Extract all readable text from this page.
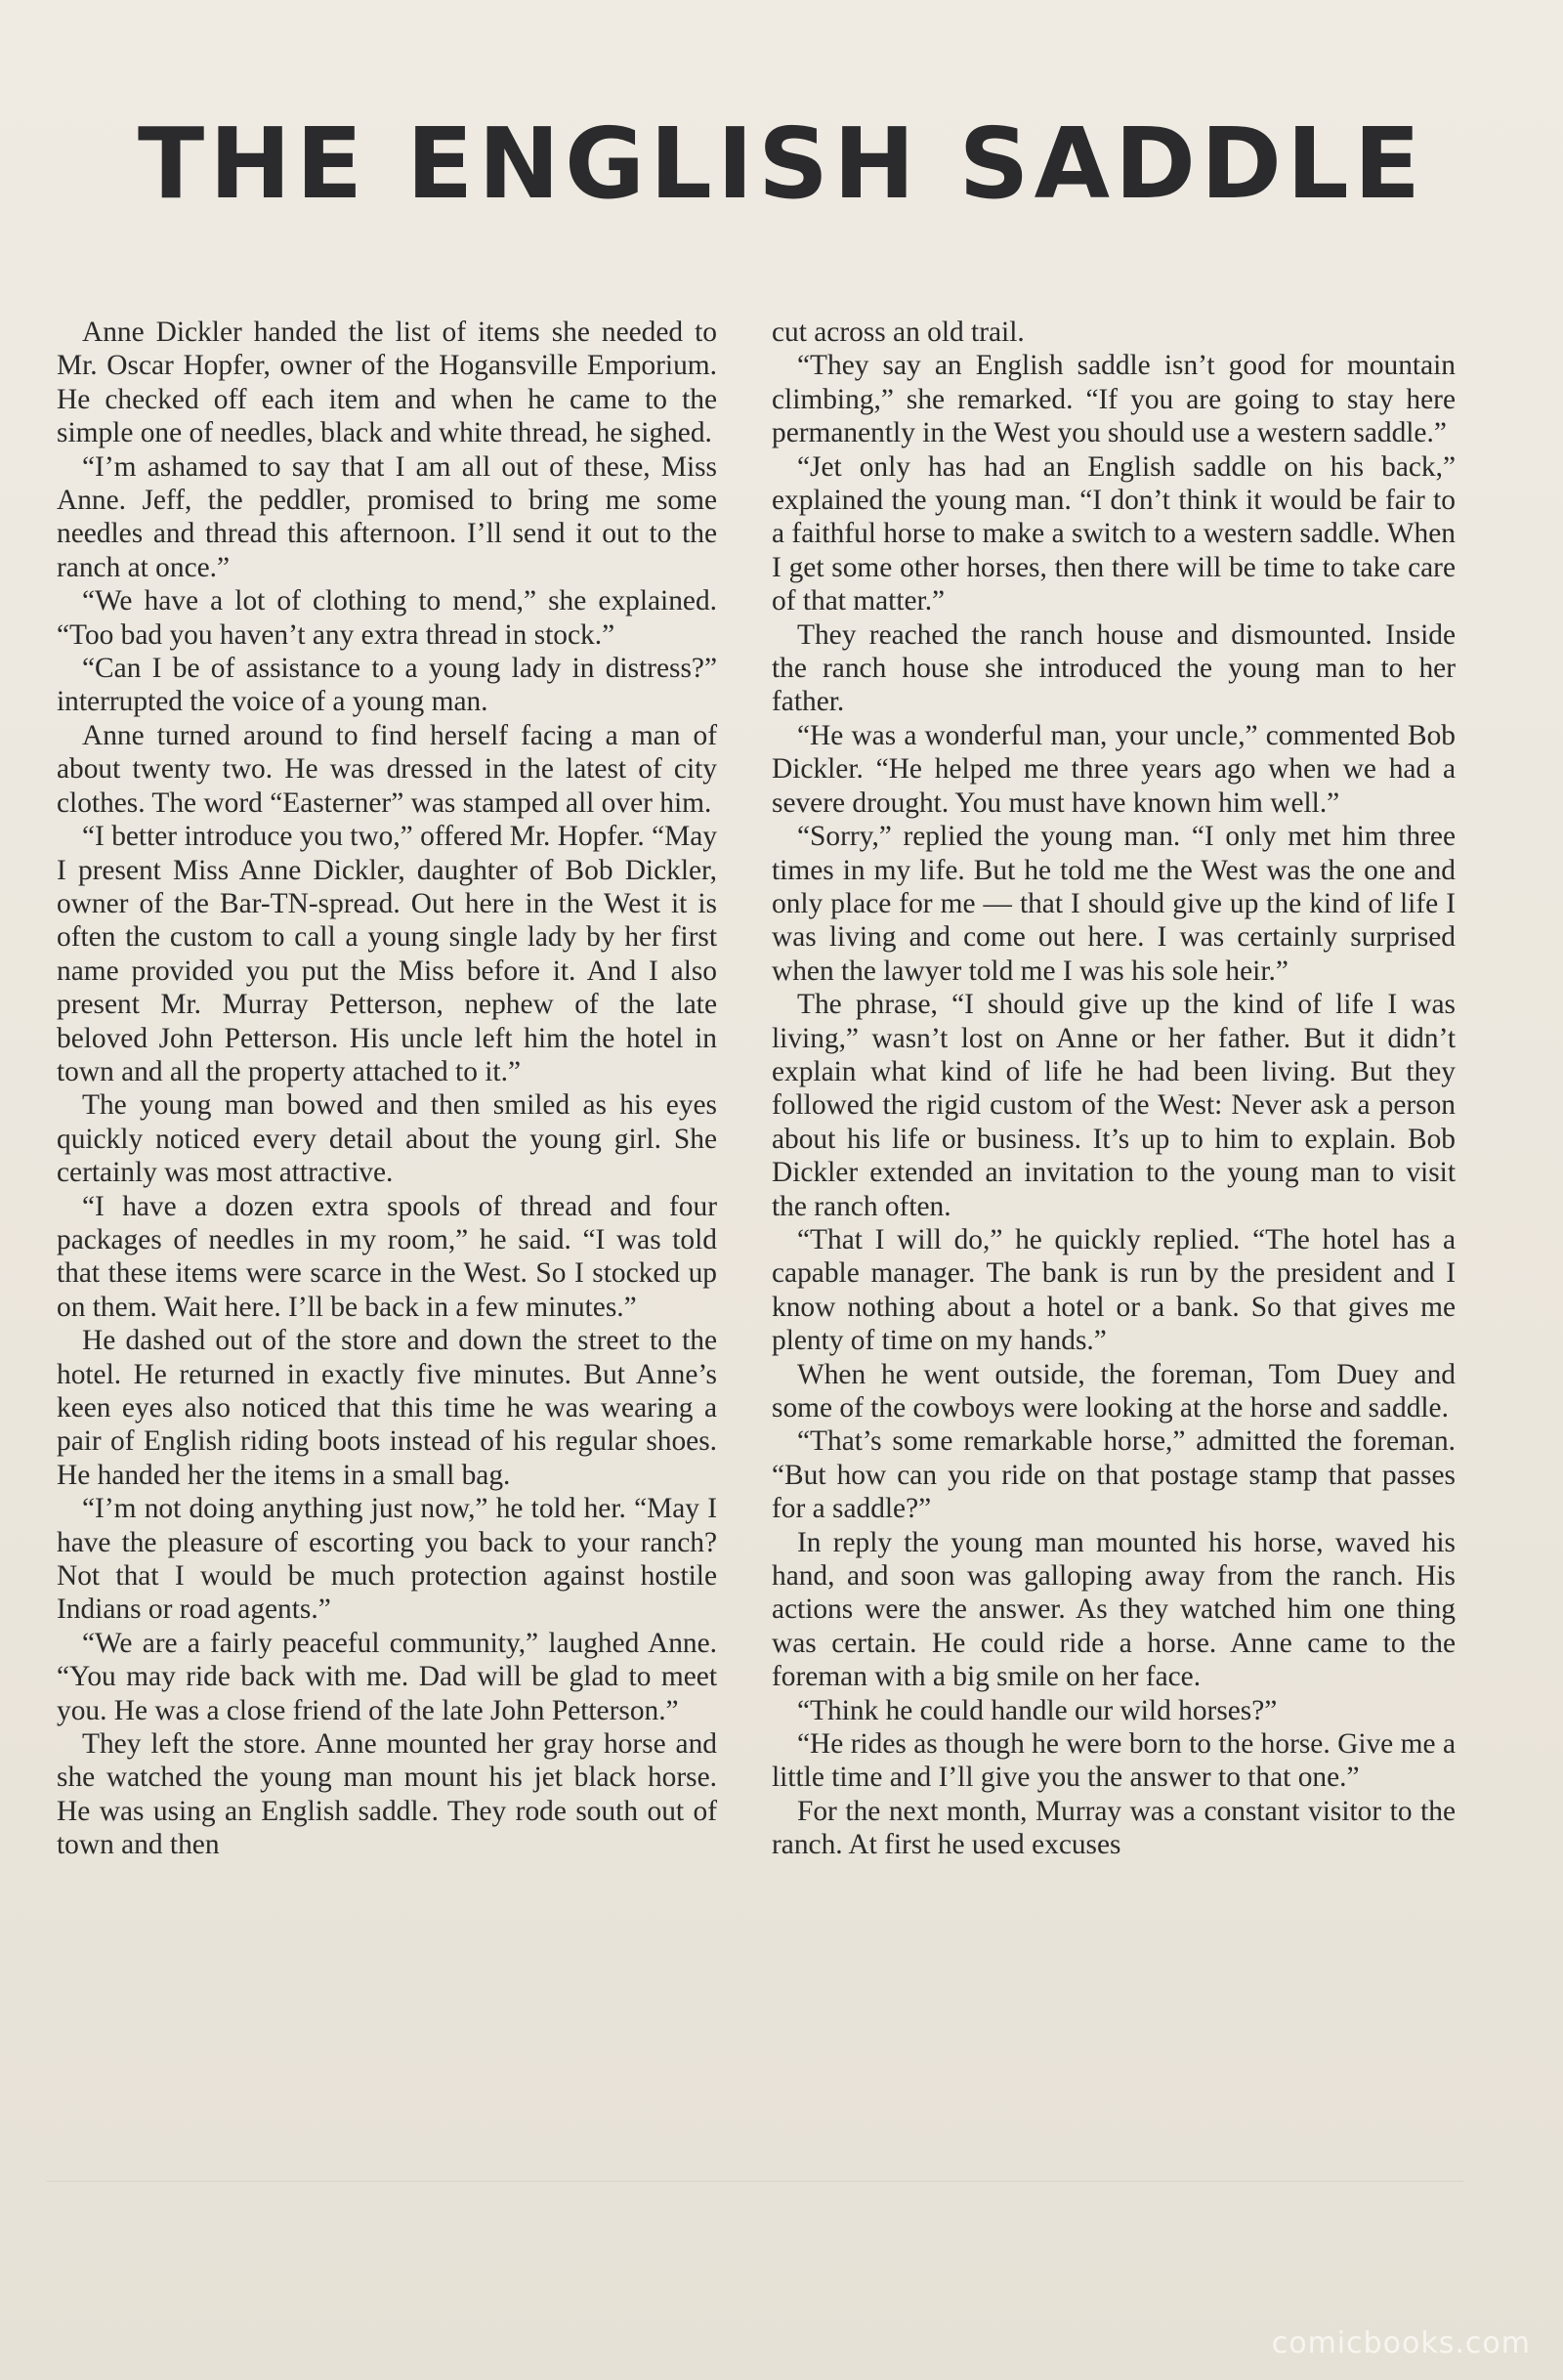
THE ENGLISH SADDLE

Anne Dickler handed the list of items she needed to Mr. Oscar Hopfer, owner of the Hogansville Emporium. He checked off each item and when he came to the simple one of needles, black and white thread, he sighed.

“I’m ashamed to say that I am all out of these, Miss Anne. Jeff, the peddler, promised to bring me some needles and thread this afternoon. I’ll send it out to the ranch at once.”

“We have a lot of clothing to mend,” she explained. “Too bad you haven’t any extra thread in stock.”

“Can I be of assistance to a young lady in distress?” interrupted the voice of a young man.

Anne turned around to find herself facing a man of about twenty two. He was dressed in the latest of city clothes. The word “Easterner” was stamped all over him.

“I better introduce you two,” offered Mr. Hopfer. “May I present Miss Anne Dickler, daughter of Bob Dickler, owner of the Bar-TN-spread. Out here in the West it is often the custom to call a young single lady by her first name provided you put the Miss before it. And I also present Mr. Murray Petterson, nephew of the late beloved John Petterson. His uncle left him the hotel in town and all the property attached to it.”

The young man bowed and then smiled as his eyes quickly noticed every detail about the young girl. She certainly was most attractive.

“I have a dozen extra spools of thread and four packages of needles in my room,” he said. “I was told that these items were scarce in the West. So I stocked up on them. Wait here. I’ll be back in a few minutes.”

He dashed out of the store and down the street to the hotel. He returned in exactly five minutes. But Anne’s keen eyes also noticed that this time he was wearing a pair of English riding boots instead of his regular shoes. He handed her the items in a small bag.

“I’m not doing anything just now,” he told her. “May I have the pleasure of escorting you back to your ranch? Not that I would be much protection against hostile Indians or road agents.”

“We are a fairly peaceful community,” laughed Anne. “You may ride back with me. Dad will be glad to meet you. He was a close friend of the late John Petterson.”

They left the store. Anne mounted her gray horse and she watched the young man mount his jet black horse. He was using an English saddle. They rode south out of town and then

cut across an old trail.

“They say an English saddle isn’t good for mountain climbing,” she remarked. “If you are going to stay here permanently in the West you should use a western saddle.”

“Jet only has had an English saddle on his back,” explained the young man. “I don’t think it would be fair to a faithful horse to make a switch to a western saddle. When I get some other horses, then there will be time to take care of that matter.”

They reached the ranch house and dismounted. Inside the ranch house she introduced the young man to her father.

“He was a wonderful man, your uncle,” commented Bob Dickler. “He helped me three years ago when we had a severe drought. You must have known him well.”

“Sorry,” replied the young man. “I only met him three times in my life. But he told me the West was the one and only place for me — that I should give up the kind of life I was living and come out here. I was certainly surprised when the lawyer told me I was his sole heir.”

The phrase, “I should give up the kind of life I was living,” wasn’t lost on Anne or her father. But it didn’t explain what kind of life he had been living. But they followed the rigid custom of the West: Never ask a person about his life or business. It’s up to him to explain. Bob Dickler extended an invitation to the young man to visit the ranch often.

“That I will do,” he quickly replied. “The hotel has a capable manager. The bank is run by the president and I know nothing about a hotel or a bank. So that gives me plenty of time on my hands.”

When he went outside, the foreman, Tom Duey and some of the cowboys were looking at the horse and saddle.

“That’s some remarkable horse,” admitted the foreman. “But how can you ride on that postage stamp that passes for a saddle?”

In reply the young man mounted his horse, waved his hand, and soon was galloping away from the ranch. His actions were the answer. As they watched him one thing was certain. He could ride a horse. Anne came to the foreman with a big smile on her face.

“Think he could handle our wild horses?”

“He rides as though he were born to the horse. Give me a little time and I’ll give you the answer to that one.”

For the next month, Murray was a constant visitor to the ranch. At first he used excuses

comicbooks.com
